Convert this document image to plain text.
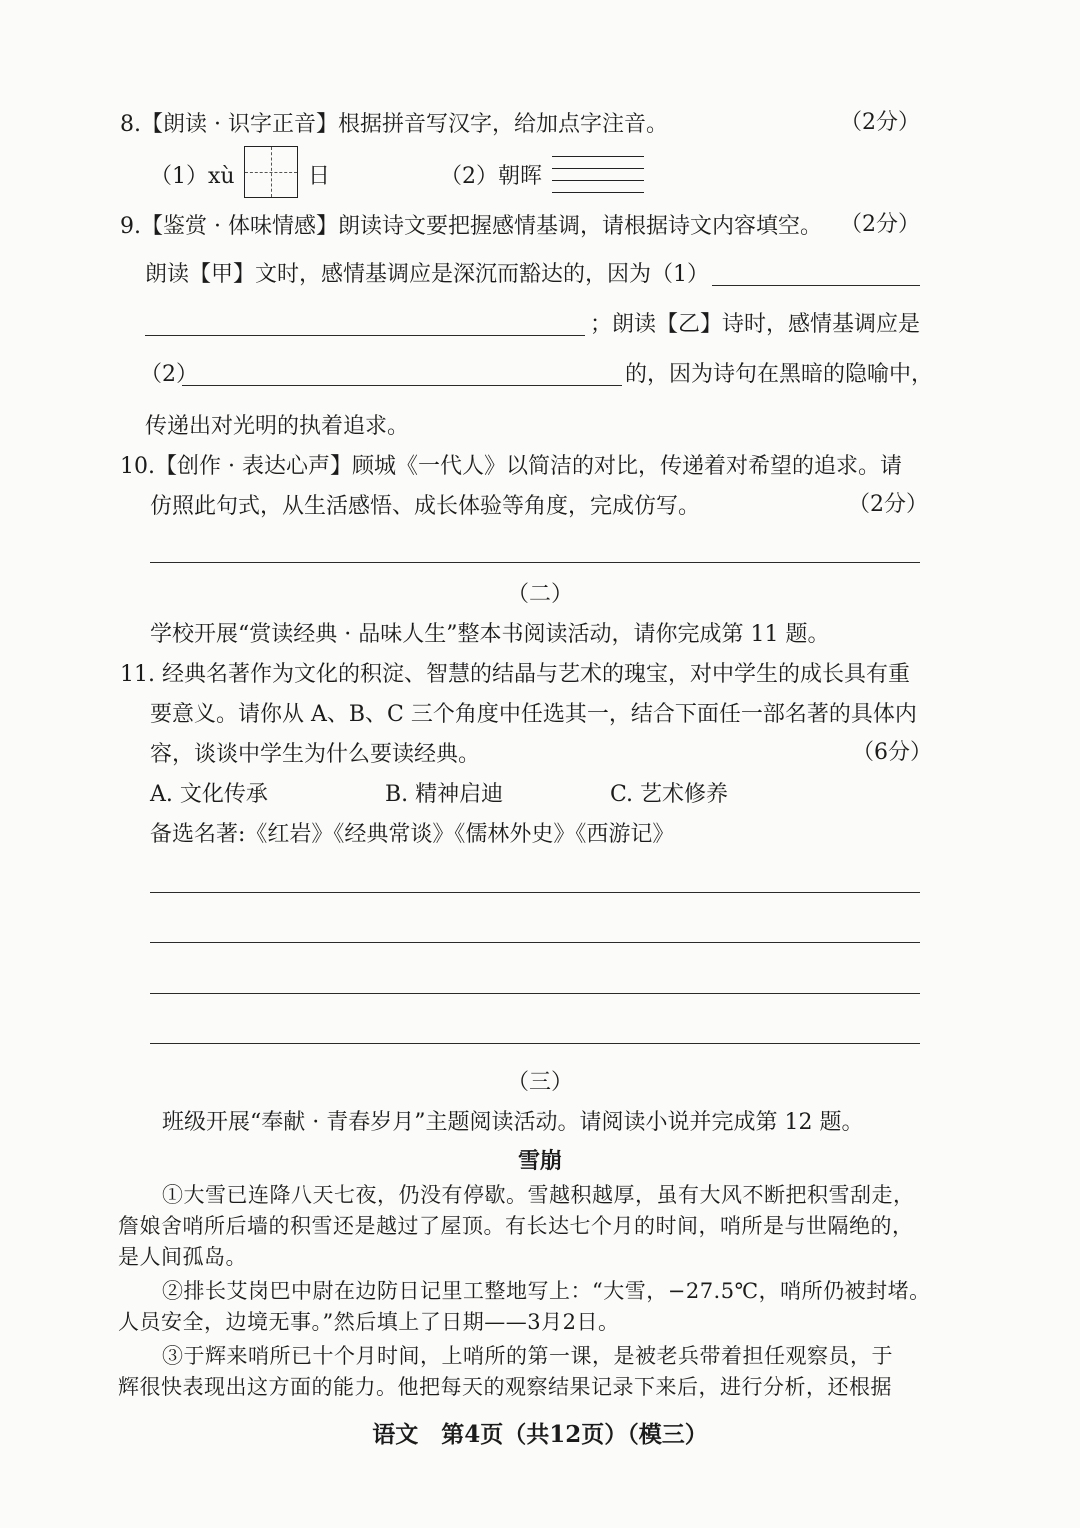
8.【朗读 · 识字正音】根据拼音写汉字，给加点字注音。	（2分）
（1）xù	日	（2）朝晖
9.【鉴赏 · 体味情感】朗读诗文要把握感情基调，请根据诗文内容填空。 （2分）
朗读【甲】文时，感情基调应是深沉而豁达的，因为（1）
；朗读【乙】诗时，感情基调应是
（2）	的，因为诗句在黑暗的隐喻中，
传递出对光明的执着追求。
10.【创作 · 表达心声】顾城《一代人》以简洁的对比，传递着对希望的追求。请
仿照此句式，从生活感悟、成长体验等角度，完成仿写。	（2分）
（二）
学校开展“赏读经典 · 品味人生”整本书阅读活动，请你完成第 11 题。
11. 经典名著作为文化的积淀、智慧的结晶与艺术的瑰宝，对中学生的成长具有重
要意义。请你从 A、B、C 三个角度中任选其一，结合下面任一部名著的具体内
容，谈谈中学生为什么要读经典。	（6分）
A. 文化传承	B. 精神启迪	C. 艺术修养
备选名著:《红岩》《经典常谈》《儒林外史》《西游记》
（三）
班级开展“奉献 · 青春岁月”主题阅读活动。请阅读小说并完成第 12 题。
雪崩
①大雪已连降八天七夜，仍没有停歇。雪越积越厚，虽有大风不断把积雪刮走，
詹娘舍哨所后墙的积雪还是越过了屋顶。有长达七个月的时间，哨所是与世隔绝的，
是人间孤岛。
②排长艾岗巴中尉在边防日记里工整地写上：“大雪，−27.5℃，哨所仍被封堵。
人员安全，边境无事。”然后填上了日期——3月2日。
③于辉来哨所已十个月时间，上哨所的第一课，是被老兵带着担任观察员，于
辉很快表现出这方面的能力。他把每天的观察结果记录下来后，进行分析，还根据
语文　第4页（共12页）（模三）
